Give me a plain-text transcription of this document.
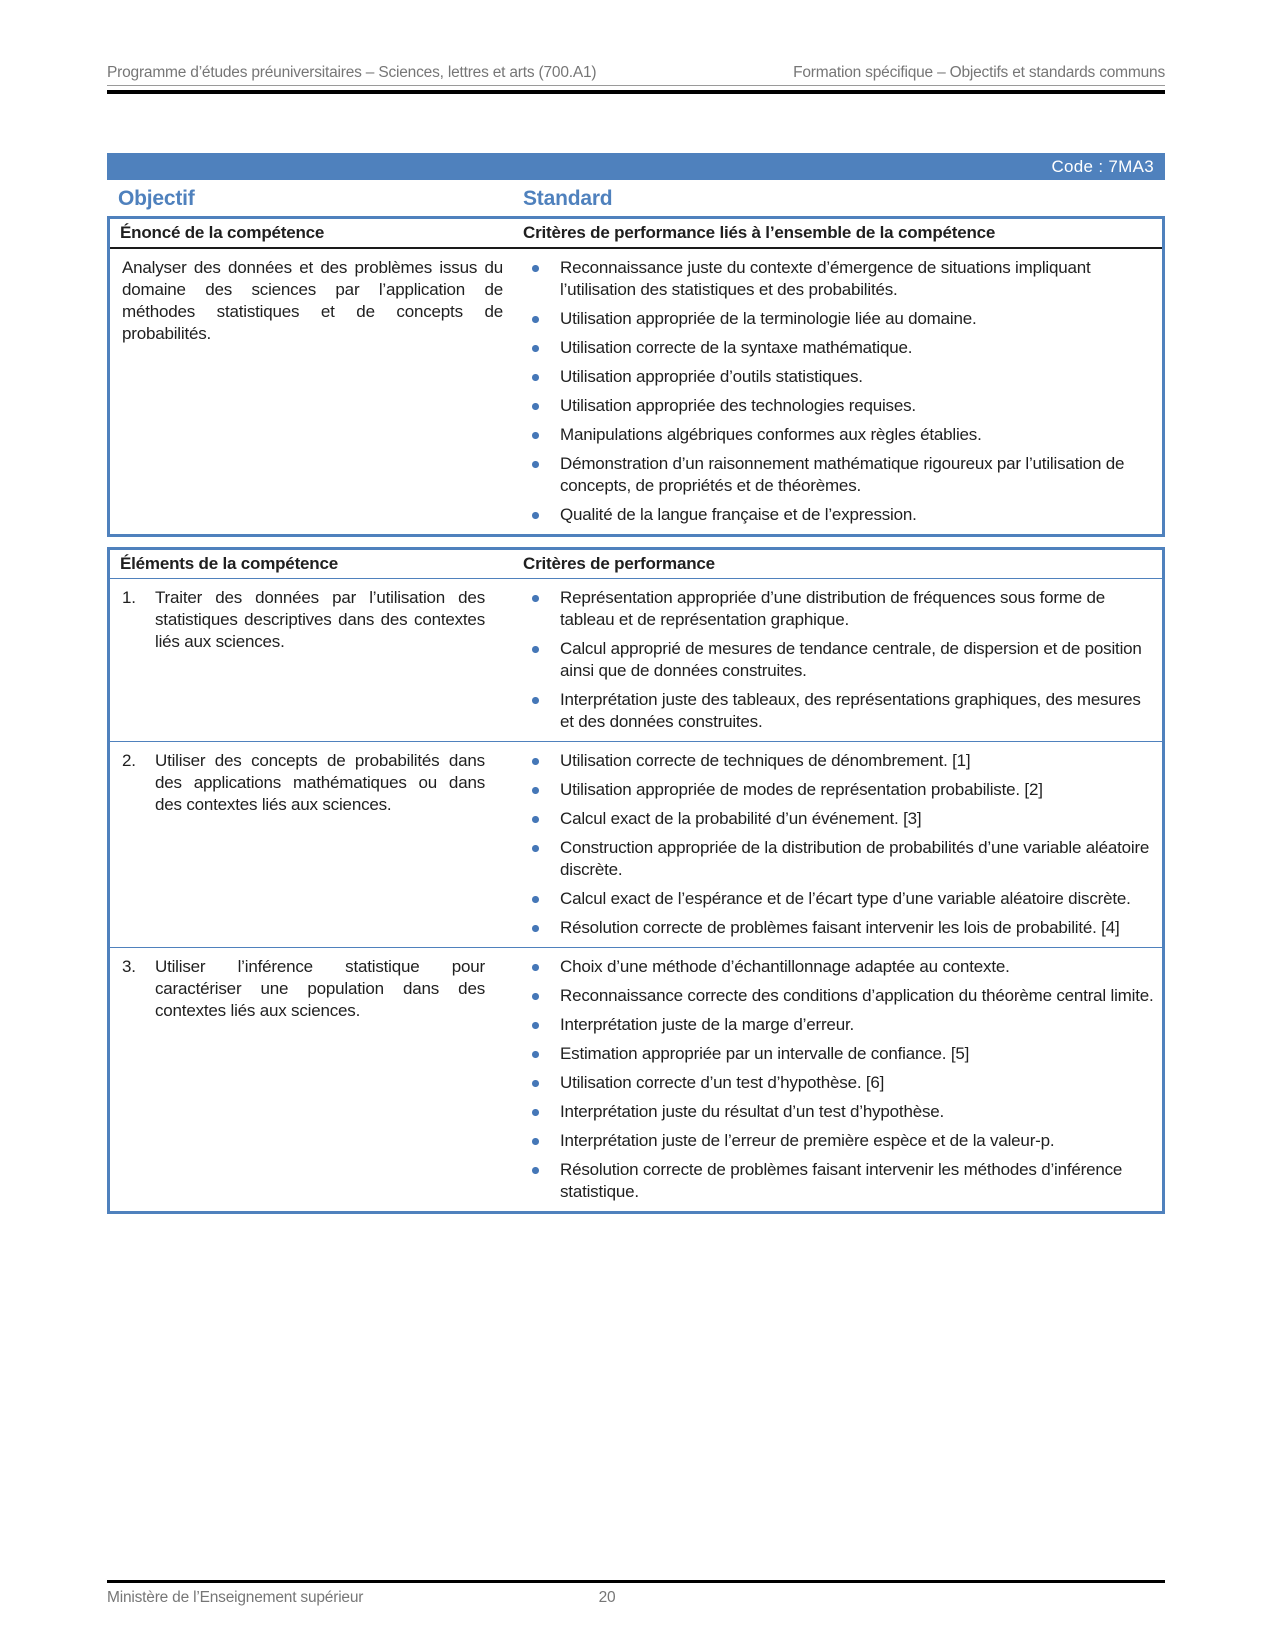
Programme d’études préuniversitaires – Sciences, lettres et arts (700.A1)	Formation spécifique – Objectifs et standards communs
Code : 7MA3
Objectif	Standard
Énoncé de la compétence	Critères de performance liés à l’ensemble de la compétence
Analyser des données et des problèmes issus du domaine des sciences par l’application de méthodes statistiques et de concepts de probabilités.
Reconnaissance juste du contexte d’émergence de situations impliquant l’utilisation des statistiques et des probabilités.
Utilisation appropriée de la terminologie liée au domaine.
Utilisation correcte de la syntaxe mathématique.
Utilisation appropriée d’outils statistiques.
Utilisation appropriée des technologies requises.
Manipulations algébriques conformes aux règles établies.
Démonstration d’un raisonnement mathématique rigoureux par l’utilisation de concepts, de propriétés et de théorèmes.
Qualité de la langue française et de l’expression.
Éléments de la compétence	Critères de performance
1.	Traiter des données par l’utilisation des statistiques descriptives dans des contextes liés aux sciences.
Représentation appropriée d’une distribution de fréquences sous forme de tableau et de représentation graphique.
Calcul approprié de mesures de tendance centrale, de dispersion et de position ainsi que de données construites.
Interprétation juste des tableaux, des représentations graphiques, des mesures et des données construites.
2.	Utiliser des concepts de probabilités dans des applications mathématiques ou dans des contextes liés aux sciences.
Utilisation correcte de techniques de dénombrement. [1]
Utilisation appropriée de modes de représentation probabiliste. [2]
Calcul exact de la probabilité d’un événement. [3]
Construction appropriée de la distribution de probabilités d’une variable aléatoire discrète.
Calcul exact de l’espérance et de l’écart type d’une variable aléatoire discrète.
Résolution correcte de problèmes faisant intervenir les lois de probabilité. [4]
3.	Utiliser l’inférence statistique pour caractériser une population dans des contextes liés aux sciences.
Choix d’une méthode d’échantillonnage adaptée au contexte.
Reconnaissance correcte des conditions d’application du théorème central limite.
Interprétation juste de la marge d’erreur.
Estimation appropriée par un intervalle de confiance. [5]
Utilisation correcte d’un test d’hypothèse. [6]
Interprétation juste du résultat d’un test d’hypothèse.
Interprétation juste de l’erreur de première espèce et de la valeur-p.
Résolution correcte de problèmes faisant intervenir les méthodes d’inférence statistique.
Ministère de l’Enseignement supérieur	20
